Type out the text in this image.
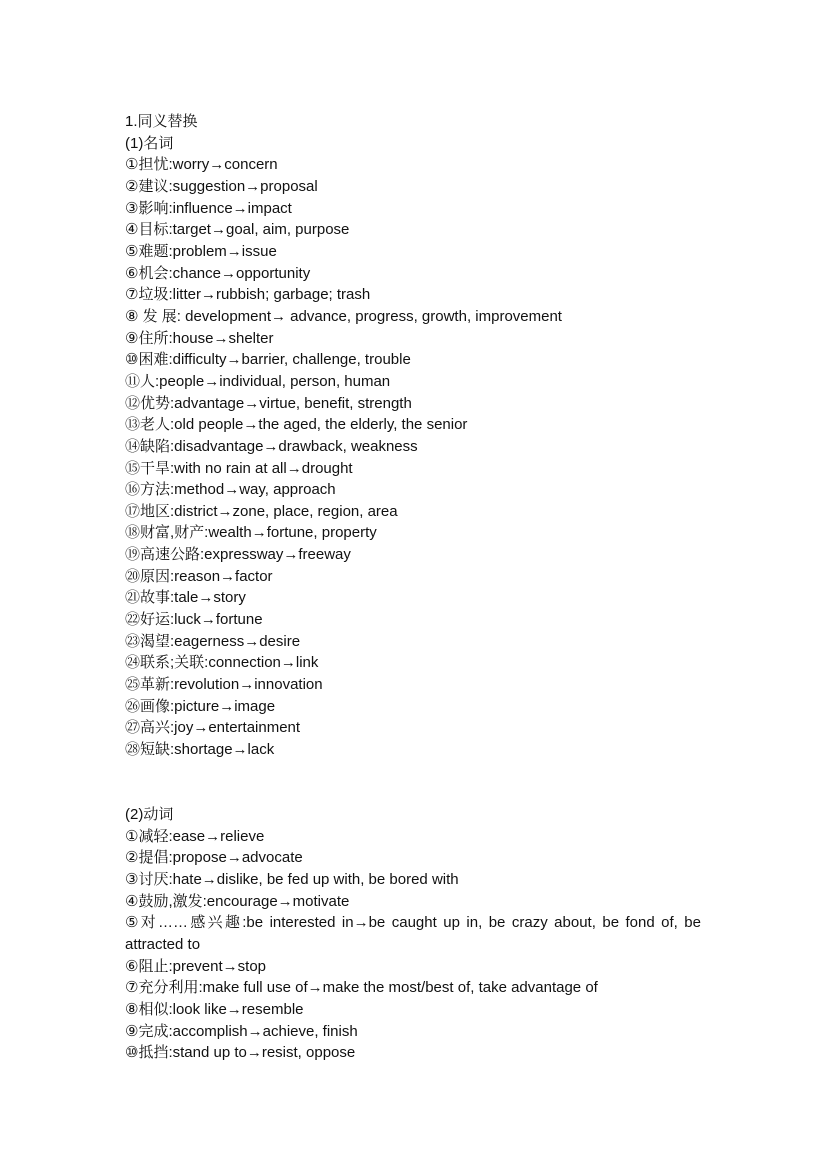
1.同义替换
(1)名词
①担忧:worry→concern
②建议:suggestion→proposal
③影响:influence→impact
④目标:target→goal, aim, purpose
⑤难题:problem→issue
⑥机会:chance→opportunity
⑦垃圾:litter→rubbish; garbage; trash
⑧ 发 展: development→ advance, progress, growth, improvement
⑨住所:house→shelter
⑩困难:difficulty→barrier, challenge, trouble
⑪人:people→individual, person, human
⑫优势:advantage→virtue, benefit, strength
⑬老人:old people→the aged, the elderly, the senior
⑭缺陷:disadvantage→drawback, weakness
⑮干旱:with no rain at all→drought
⑯方法:method→way, approach
⑰地区:district→zone, place, region, area
⑱财富,财产:wealth→fortune, property
⑲高速公路:expressway→freeway
⑳原因:reason→factor
㉑故事:tale→story
㉒好运:luck→fortune
㉓渴望:eagerness→desire
㉔联系;关联:connection→link
㉕革新:revolution→innovation
㉖画像:picture→image
㉗高兴:joy→entertainment
㉘短缺:shortage→lack
(2)动词
①减轻:ease→relieve
②提倡:propose→advocate
③讨厌:hate→dislike, be fed up with, be bored with
④鼓励,激发:encourage→motivate
⑤对……感兴趣:be interested in→be caught up in, be crazy about, be fond of, be attracted to
⑥阻止:prevent→stop
⑦充分利用:make full use of→make the most/best of, take advantage of
⑧相似:look like→resemble
⑨完成:accomplish→achieve, finish
⑩抵挡:stand up to→resist, oppose
